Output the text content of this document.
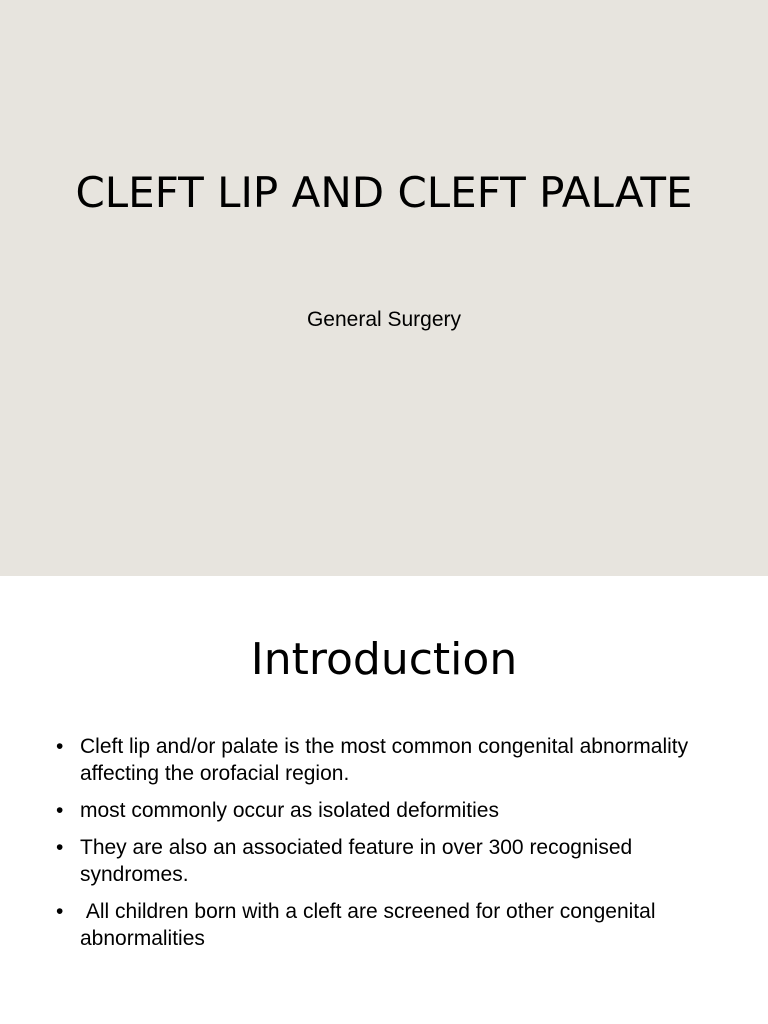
CLEFT LIP AND CLEFT PALATE

General Surgery

Introduction
• Cleft lip and/or palate is the most common congenital abnormality affecting the orofacial region.
• most commonly occur as isolated deformities
• They are also an associated feature in over 300 recognised syndromes.
• All children born with a cleft are screened for other congenital abnormalities
